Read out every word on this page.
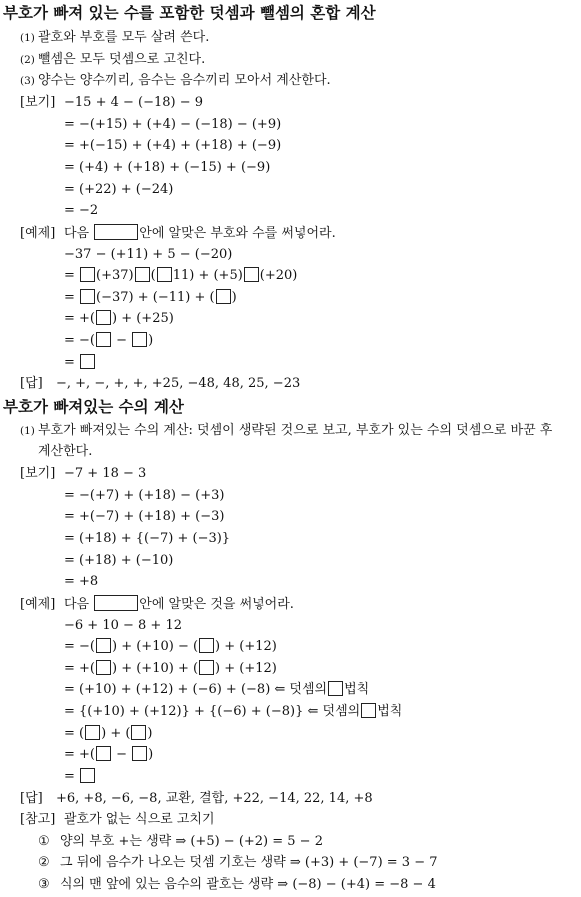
부호가 빠져 있는 수를 포함한 덧셈과 뺄셈의 혼합 계산
(1) 괄호와 부호를 모두 살려 쓴다.
(2) 뺄셈은 모두 덧셈으로 고친다.
(3) 양수는 양수끼리, 음수는 음수끼리 모아서 계산한다.
[보기] −15 + 4 − (−18) − 9
= −(+15) + (+4) − (−18) − (+9)
= +(−15) + (+4) + (+18) + (−9)
= (+4) + (+18) + (−15) + (−9)
= (+22) + (−24)
= −2
[예제] 다음	안에 알맞은 부호와 수를 써넣어라.
−37 − (+11) + 5 − (−20)
= (+37) ( 11) + (+5) (+20)
= (−37) + (−11) + ( )
= +( ) + (+25)
= −( − )
=
[답] −, +, −, +, +, +25, −48, 48, 25, −23
부호가 빠져있는 수의 계산
(1) 부호가 빠져있는 수의 계산: 덧셈이 생략된 것으로 보고, 부호가 있는 수의 덧셈으로 바꾼 후
계산한다.
[보기] −7 + 18 − 3
= −(+7) + (+18) − (+3)
= +(−7) + (+18) + (−3)
= (+18) + {(−7) + (−3)}
= (+18) + (−10)
= +8
[예제] 다음	안에 알맞은 것을 써넣어라.
−6 + 10 − 8 + 12
= −( ) + (+10) − ( ) + (+12)
= +( ) + (+10) + ( ) + (+12)
= (+10) + (+12) + (−6) + (−8) ⇐ 덧셈의 법칙
= {(+10) + (+12)} + {(−6) + (−8)} ⇐ 덧셈의 법칙
= ( ) + ( )
= +( − )
=
[답] +6, +8, −6, −8, 교환, 결합, +22, −14, 22, 14, +8
[참고] 괄호가 없는 식으로 고치기
① 양의 부호 +는 생략 ⇒ (+5) − (+2) = 5 − 2
② 그 뒤에 음수가 나오는 덧셈 기호는 생략 ⇒ (+3) + (−7) = 3 − 7
③ 식의 맨 앞에 있는 음수의 괄호는 생략 ⇒ (−8) − (+4) = −8 − 4
